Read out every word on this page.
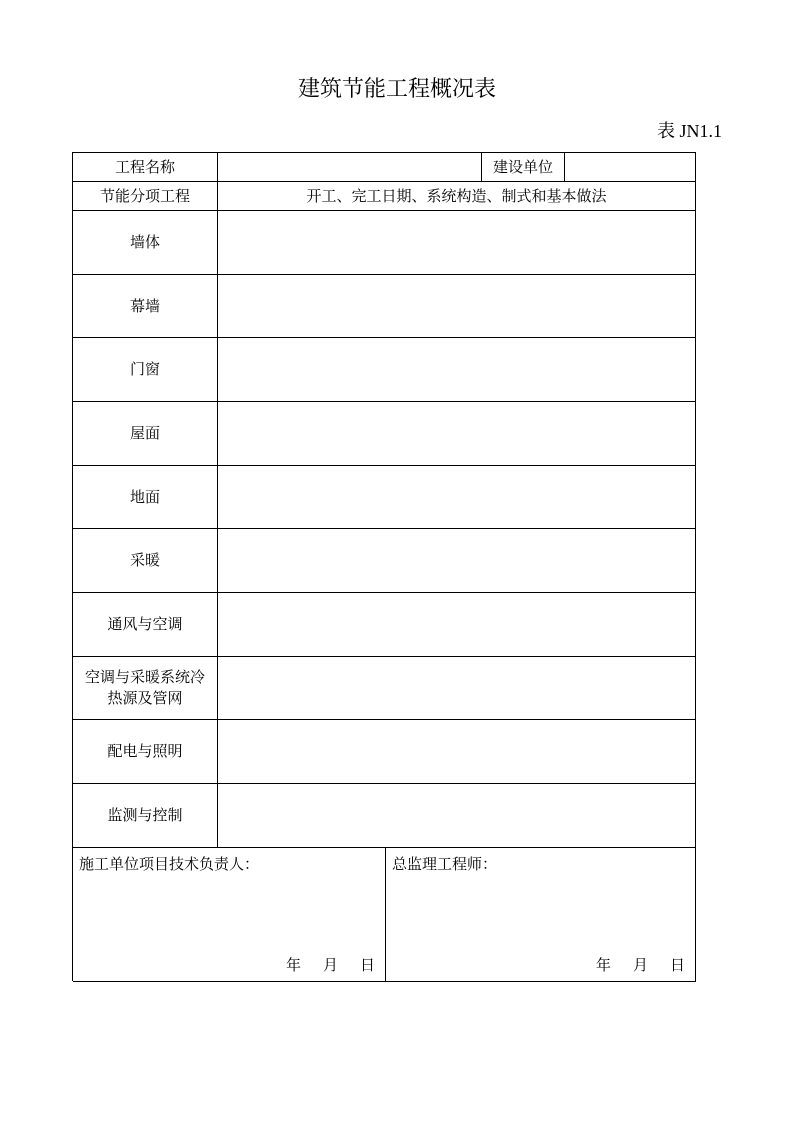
建筑节能工程概况表
表 JN1.1
工程名称	建设单位
节能分项工程	开工、完工日期、系统构造、制式和基本做法
墙体
幕墙
门窗
屋面
地面
采暖
通风与空调
空调与采暖系统冷热源及管网
配电与照明
监测与控制
施工单位项目技术负责人：
年 月 日
总监理工程师：
年 月 日
